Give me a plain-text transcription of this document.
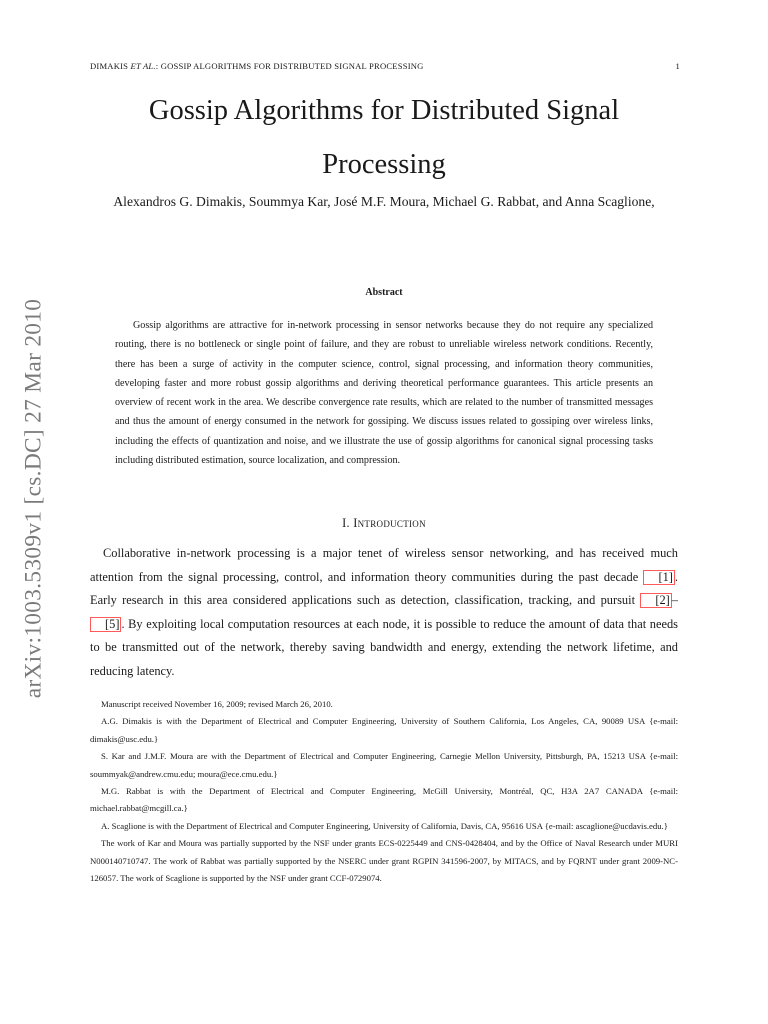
DIMAKIS ET AL.: GOSSIP ALGORITHMS FOR DISTRIBUTED SIGNAL PROCESSING	1
Gossip Algorithms for Distributed Signal
Processing
Alexandros G. Dimakis, Soummya Kar, José M.F. Moura, Michael G. Rabbat, and Anna Scaglione,
arXiv:1003.5309v1 [cs.DC] 27 Mar 2010
Abstract

Gossip algorithms are attractive for in-network processing in sensor networks because they do not require any specialized routing, there is no bottleneck or single point of failure, and they are robust to unreliable wireless network conditions. Recently, there has been a surge of activity in the computer science, control, signal processing, and information theory communities, developing faster and more robust gossip algorithms and deriving theoretical performance guarantees. This article presents an overview of recent work in the area. We describe convergence rate results, which are related to the number of transmitted messages and thus the amount of energy consumed in the network for gossiping. We discuss issues related to gossiping over wireless links, including the effects of quantization and noise, and we illustrate the use of gossip algorithms for canonical signal processing tasks including distributed estimation, source localization, and compression.

I. Introduction

Collaborative in-network processing is a major tenet of wireless sensor networking, and has received much attention from the signal processing, control, and information theory communities during the past decade [1] . Early research in this area considered applications such as detection, classification, tracking, and pursuit [2] –[5] . By exploiting local computation resources at each node, it is possible to reduce the amount of data that needs to be transmitted out of the network, thereby saving bandwidth and energy, extending the network lifetime, and reducing latency.

Manuscript received November 16, 2009; revised March 26, 2010.

A.G. Dimakis is with the Department of Electrical and Computer Engineering, University of Southern California, Los Angeles, CA, 90089 USA {e-mail: dimakis@usc.edu.}

S. Kar and J.M.F. Moura are with the Department of Electrical and Computer Engineering, Carnegie Mellon University, Pittsburgh, PA, 15213 USA {e-mail: soummyak@andrew.cmu.edu; moura@ece.cmu.edu.}

M.G. Rabbat is with the Department of Electrical and Computer Engineering, McGill University, Montréal, QC, H3A 2A7 CANADA {e-mail: michael.rabbat@mcgill.ca.}

A. Scaglione is with the Department of Electrical and Computer Engineering, University of California, Davis, CA, 95616 USA {e-mail: ascaglione@ucdavis.edu.}

The work of Kar and Moura was partially supported by the NSF under grants ECS-0225449 and CNS-0428404, and by the Office of Naval Research under MURI N000140710747. The work of Rabbat was partially supported by the NSERC under grant RGPIN 341596-2007, by MITACS, and by FQRNT under grant 2009-NC-126057. The work of Scaglione is supported by the NSF under grant CCF-0729074.
